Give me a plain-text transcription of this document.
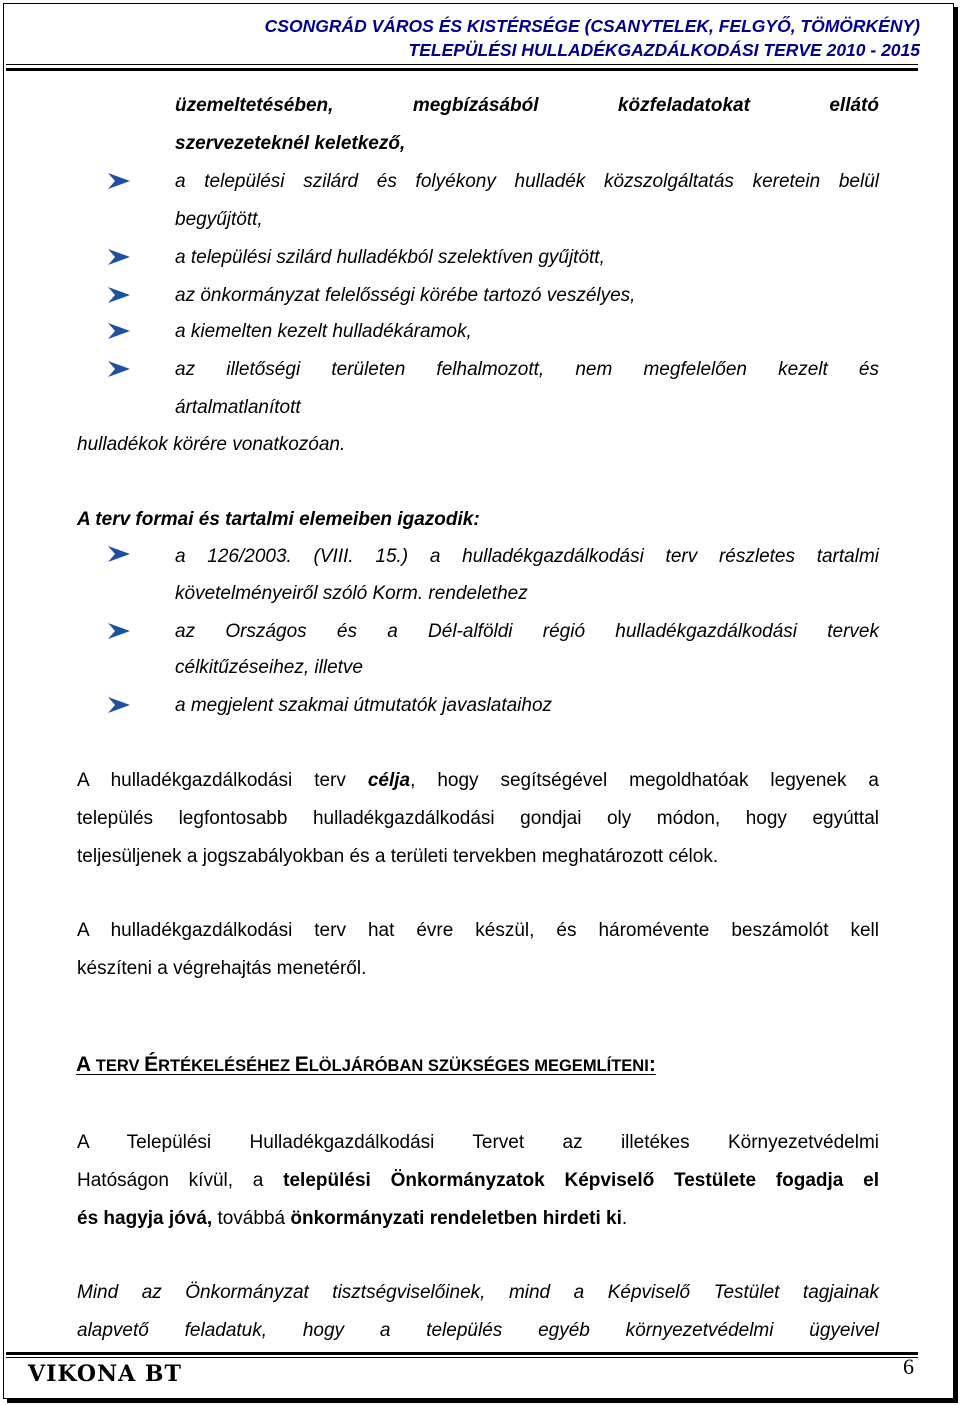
CSONGRÁD VÁROS ÉS KISTÉRSÉGE (CSANYTELEK, FELGYŐ, TÖMÖRKÉNY)
TELEPÜLÉSI HULLADÉKGAZDÁLKODÁSI TERVE 2010 - 2015
üzemeltetésében, megbízásából közfeladatokat ellátó
szervezeteknél keletkező,
a települési szilárd és folyékony hulladék közszolgáltatás keretein belül
begyűjtött,
a települési szilárd hulladékból szelektíven gyűjtött,
az önkormányzat felelősségi körébe tartozó veszélyes,
a kiemelten kezelt hulladékáramok,
az illetőségi területen felhalmozott, nem megfelelően kezelt és
ártalmatlanított
hulladékok körére vonatkozóan.
A terv formai és tartalmi elemeiben igazodik:
a 126/2003. (VIII. 15.) a hulladékgazdálkodási terv részletes tartalmi
követelményeiről szóló Korm. rendelethez
az Országos és a Dél-alföldi régió hulladékgazdálkodási tervek
célkitűzéseihez, illetve
a megjelent szakmai útmutatók javaslataihoz
A hulladékgazdálkodási terv célja, hogy segítségével megoldhatóak legyenek a
település legfontosabb hulladékgazdálkodási gondjai oly módon, hogy egyúttal
teljesüljenek a jogszabályokban és a területi tervekben meghatározott célok.
A hulladékgazdálkodási terv hat évre készül, és háromévente beszámolót kell
készíteni a végrehajtás menetéről.
A TERV ÉRTÉKELÉSÉHEZ ELÖLJÁRÓBAN SZÜKSÉGES MEGEMLÍTENI:
A Települési Hulladékgazdálkodási Tervet az illetékes Környezetvédelmi
Hatóságon kívül, a települési Önkormányzatok Képviselő Testülete fogadja el
és hagyja jóvá, továbbá önkormányzati rendeletben hirdeti ki.
Mind az Önkormányzat tisztségviselőinek, mind a Képviselő Testület tagjainak
alapvető feladatuk, hogy a település egyéb környezetvédelmi ügyeivel
VIKONA BT	6
